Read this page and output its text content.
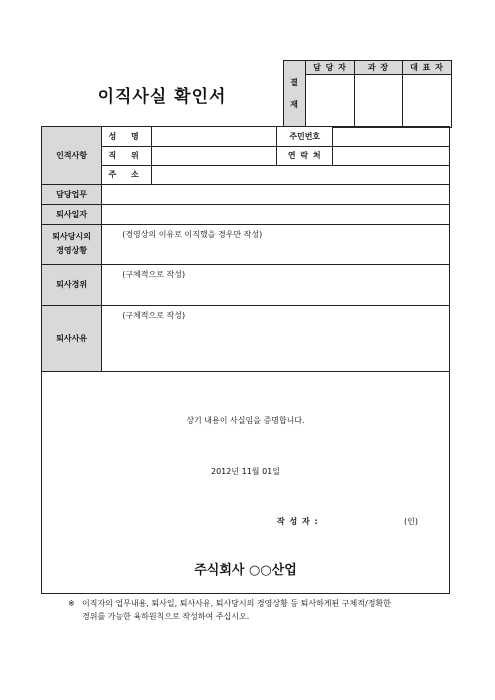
이직사실 확인서
결
재	담 당 자	과 장	대 표 자

인적사항	성 명		주민번호	
	직 위		연 락 처	
	주 소			
담당업무				
퇴사일자				

퇴사당시의
경영상황	(경영상의 이유로 이직했을 경우만 작성)			
퇴사경위	(구체적으로 작성)			
퇴사사유	(구체적으로 작성)			
상기 내용이 사실임을 증명합니다.
2012년 11월 01일
작 성 자 :	(인)
주식회사 ○○산업
※ 이직자의 업무내용, 퇴사일, 퇴사사유, 퇴사당시의 경영상황 등 퇴사하게된 구체적/정확한
경위를 가능한 육하원칙으로 작성하여 주십시오.
